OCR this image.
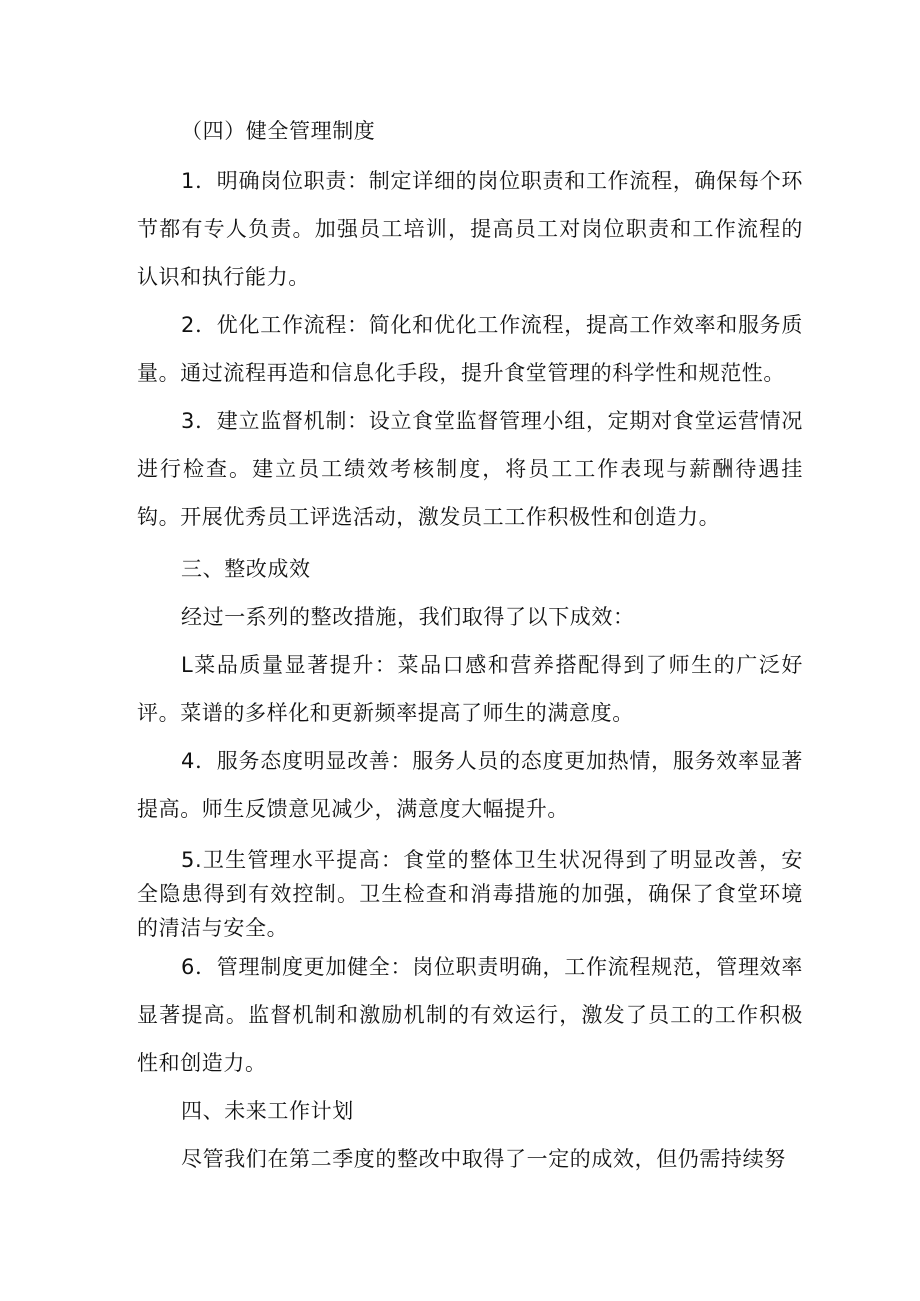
（四）健全管理制度

1．明确岗位职责：制定详细的岗位职责和工作流程，确保每个环节都有专人负责。加强员工培训，提高员工对岗位职责和工作流程的认识和执行能力。

2．优化工作流程：简化和优化工作流程，提高工作效率和服务质量。通过流程再造和信息化手段，提升食堂管理的科学性和规范性。

3．建立监督机制：设立食堂监督管理小组，定期对食堂运营情况进行检查。建立员工绩效考核制度，将员工工作表现与薪酬待遇挂钩。开展优秀员工评选活动，激发员工工作积极性和创造力。

三、整改成效

经过一系列的整改措施，我们取得了以下成效：

L菜品质量显著提升：菜品口感和营养搭配得到了师生的广泛好评。菜谱的多样化和更新频率提高了师生的满意度。

4．服务态度明显改善：服务人员的态度更加热情，服务效率显著提高。师生反馈意见减少，满意度大幅提升。

5.卫生管理水平提高：食堂的整体卫生状况得到了明显改善，安全隐患得到有效控制。卫生检查和消毒措施的加强，确保了食堂环境的清洁与安全。

6．管理制度更加健全：岗位职责明确，工作流程规范，管理效率显著提高。监督机制和激励机制的有效运行，激发了员工的工作积极性和创造力。

四、未来工作计划

尽管我们在第二季度的整改中取得了一定的成效，但仍需持续努
